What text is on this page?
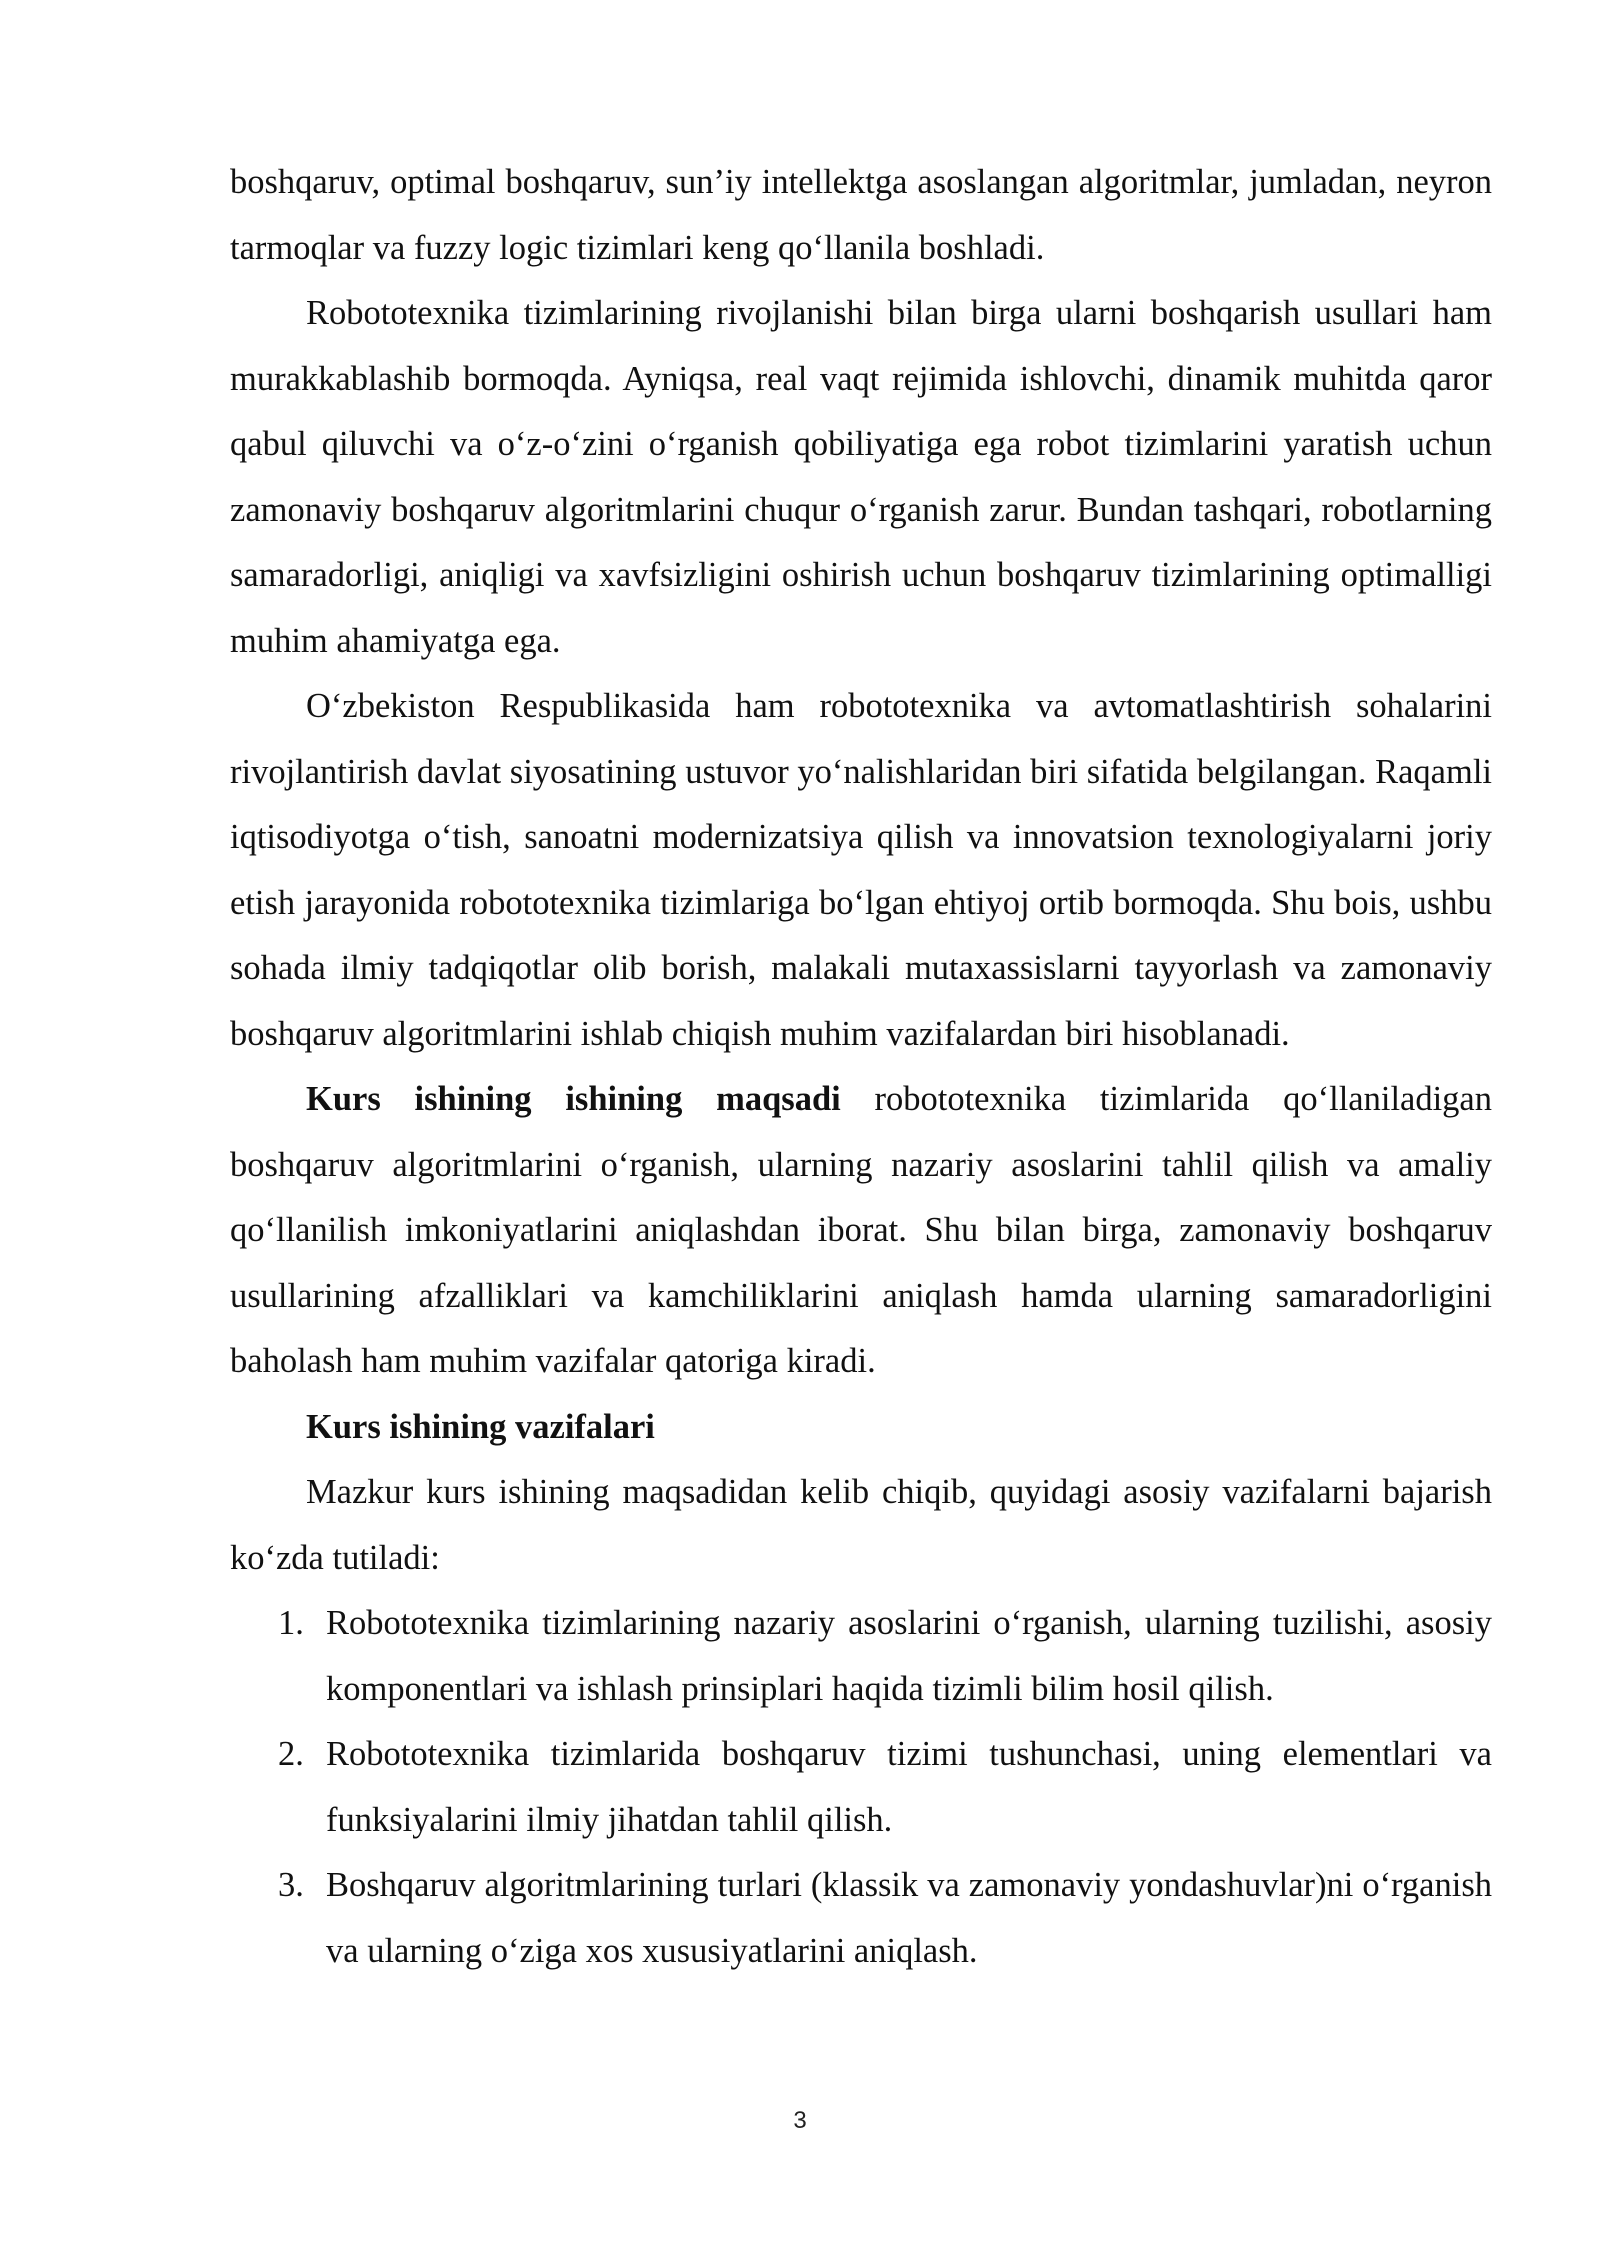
boshqaruv, optimal boshqaruv, sun’iy intellektga asoslangan algoritmlar, jumladan, neyron tarmoqlar va fuzzy logic tizimlari keng qo‘llanila boshladi.

Robototexnika tizimlarining rivojlanishi bilan birga ularni boshqarish usullari ham murakkablashib bormoqda. Ayniqsa, real vaqt rejimida ishlovchi, dinamik muhitda qaror qabul qiluvchi va o‘z-o‘zini o‘rganish qobiliyatiga ega robot tizimlarini yaratish uchun zamonaviy boshqaruv algoritmlarini chuqur o‘rganish zarur. Bundan tashqari, robotlarning samaradorligi, aniqligi va xavfsizligini oshirish uchun boshqaruv tizimlarining optimalligi muhim ahamiyatga ega.

O‘zbekiston Respublikasida ham robototexnika va avtomatlashtirish sohalarini rivojlantirish davlat siyosatining ustuvor yo‘nalishlaridan biri sifatida belgilangan. Raqamli iqtisodiyotga o‘tish, sanoatni modernizatsiya qilish va innovatsion texnologiyalarni joriy etish jarayonida robototexnika tizimlariga bo‘lgan ehtiyoj ortib bormoqda. Shu bois, ushbu sohada ilmiy tadqiqotlar olib borish, malakali mutaxassislarni tayyorlash va zamonaviy boshqaruv algoritmlarini ishlab chiqish muhim vazifalardan biri hisoblanadi.

Kurs ishining ishining maqsadi robototexnika tizimlarida qo‘llaniladigan boshqaruv algoritmlarini o‘rganish, ularning nazariy asoslarini tahlil qilish va amaliy qo‘llanilish imkoniyatlarini aniqlashdan iborat. Shu bilan birga, zamonaviy boshqaruv usullarining afzalliklari va kamchiliklarini aniqlash hamda ularning samaradorligini baholash ham muhim vazifalar qatoriga kiradi.

Kurs ishining vazifalari

Mazkur kurs ishining maqsadidan kelib chiqib, quyidagi asosiy vazifalarni bajarish ko‘zda tutiladi:

1. Robototexnika tizimlarining nazariy asoslarini o‘rganish, ularning tuzilishi, asosiy komponentlari va ishlash prinsiplari haqida tizimli bilim hosil qilish.
2. Robototexnika tizimlarida boshqaruv tizimi tushunchasi, uning elementlari va funksiyalarini ilmiy jihatdan tahlil qilish.
3. Boshqaruv algoritmlarining turlari (klassik va zamonaviy yondashuvlar)ni o‘rganish va ularning o‘ziga xos xususiyatlarini aniqlash.
3
